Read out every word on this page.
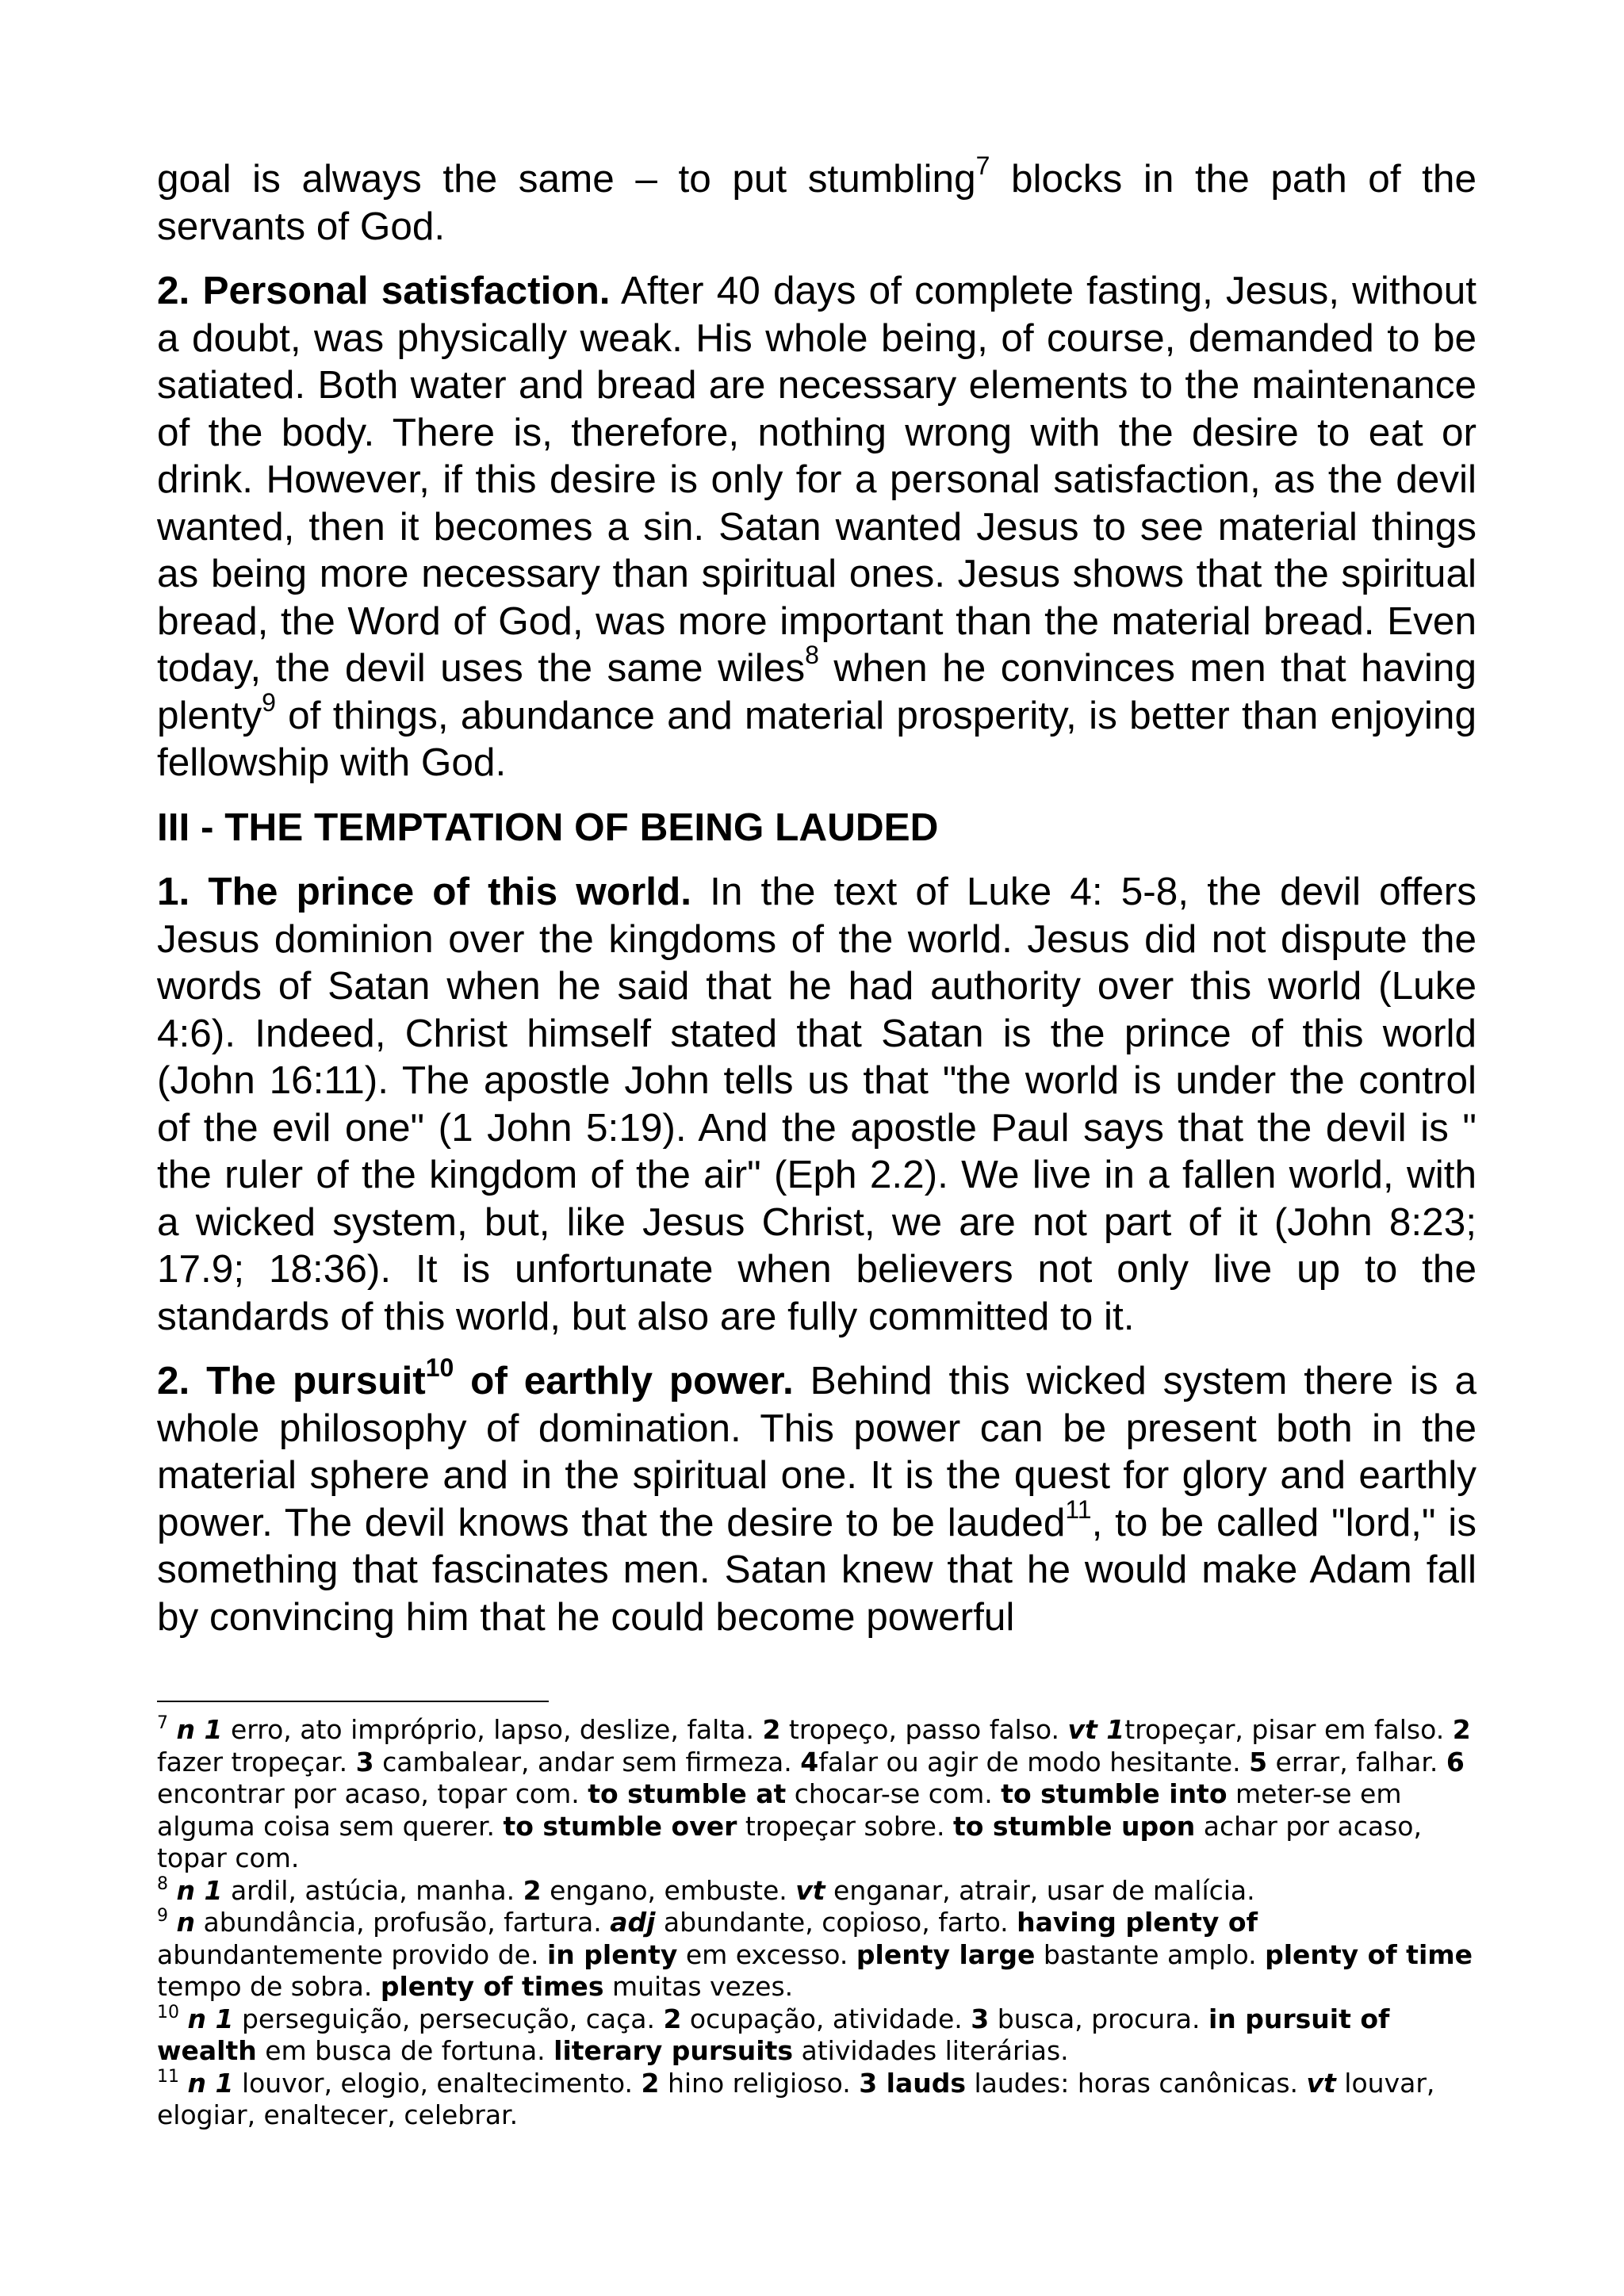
goal is always the same – to put stumbling$^7$ blocks in the path of the servants of God.

2. Personal satisfaction. After 40 days of complete fasting, Jesus, without a doubt, was physically weak. His whole being, of course, demanded to be satiated. Both water and bread are necessary elements to the maintenance of the body. There is, therefore, nothing wrong with the desire to eat or drink. However, if this desire is only for a personal satisfaction, as the devil wanted, then it becomes a sin. Satan wanted Jesus to see material things as being more necessary than spiritual ones. Jesus shows that the spiritual bread, the Word of God, was more important than the material bread. Even today, the devil uses the same wiles$^8$ when he convinces men that having plenty$^9$ of things, abundance and material prosperity, is better than enjoying fellowship with God.

III - THE TEMPTATION OF BEING LAUDED

1. The prince of this world. In the text of Luke 4: 5-8, the devil offers Jesus dominion over the kingdoms of the world. Jesus did not dispute the words of Satan when he said that he had authority over this world (Luke 4:6). Indeed, Christ himself stated that Satan is the prince of this world (John 16:11). The apostle John tells us that "the world is under the control of the evil one" (1 John 5:19). And the apostle Paul says that the devil is " the ruler of the kingdom of the air" (Eph 2.2). We live in a fallen world, with a wicked system, but, like Jesus Christ, we are not part of it (John 8:23; 17.9; 18:36). It is unfortunate when believers not only live up to the standards of this world, but also are fully committed to it.

2. The pursuit$^{10}$ of earthly power. Behind this wicked system there is a whole philosophy of domination. This power can be present both in the material sphere and in the spiritual one. It is the quest for glory and earthly power. The devil knows that the desire to be lauded$^{11}$, to be called "lord," is something that fascinates men. Satan knew that he would make Adam fall by convincing him that he could become powerful

$^7$ n 1 erro, ato impróprio, lapso, deslize, falta. 2 tropeço, passo falso. vt 1tropeçar, pisar em falso. 2 fazer tropeçar. 3 cambalear, andar sem firmeza. 4falar ou agir de modo hesitante. 5 errar, falhar. 6 encontrar por acaso, topar com. to stumble at chocar-se com. to stumble into meter-se em alguma coisa sem querer. to stumble over tropeçar sobre. to stumble upon achar por acaso, topar com.

$^8$ n 1 ardil, astúcia, manha. 2 engano, embuste. vt enganar, atrair, usar de malícia.

$^9$ n abundância, profusão, fartura. adj abundante, copioso, farto. having plenty of abundantemente provido de. in plenty em excesso. plenty large bastante amplo. plenty of time tempo de sobra. plenty of times muitas vezes.

$^{10}$ n 1 perseguição, persecução, caça. 2 ocupação, atividade. 3 busca, procura. in pursuit of wealth em busca de fortuna. literary pursuits atividades literárias.

$^{11}$ n 1 louvor, elogio, enaltecimento. 2 hino religioso. 3 lauds laudes: horas canônicas. vt louvar, elogiar, enaltecer, celebrar.
